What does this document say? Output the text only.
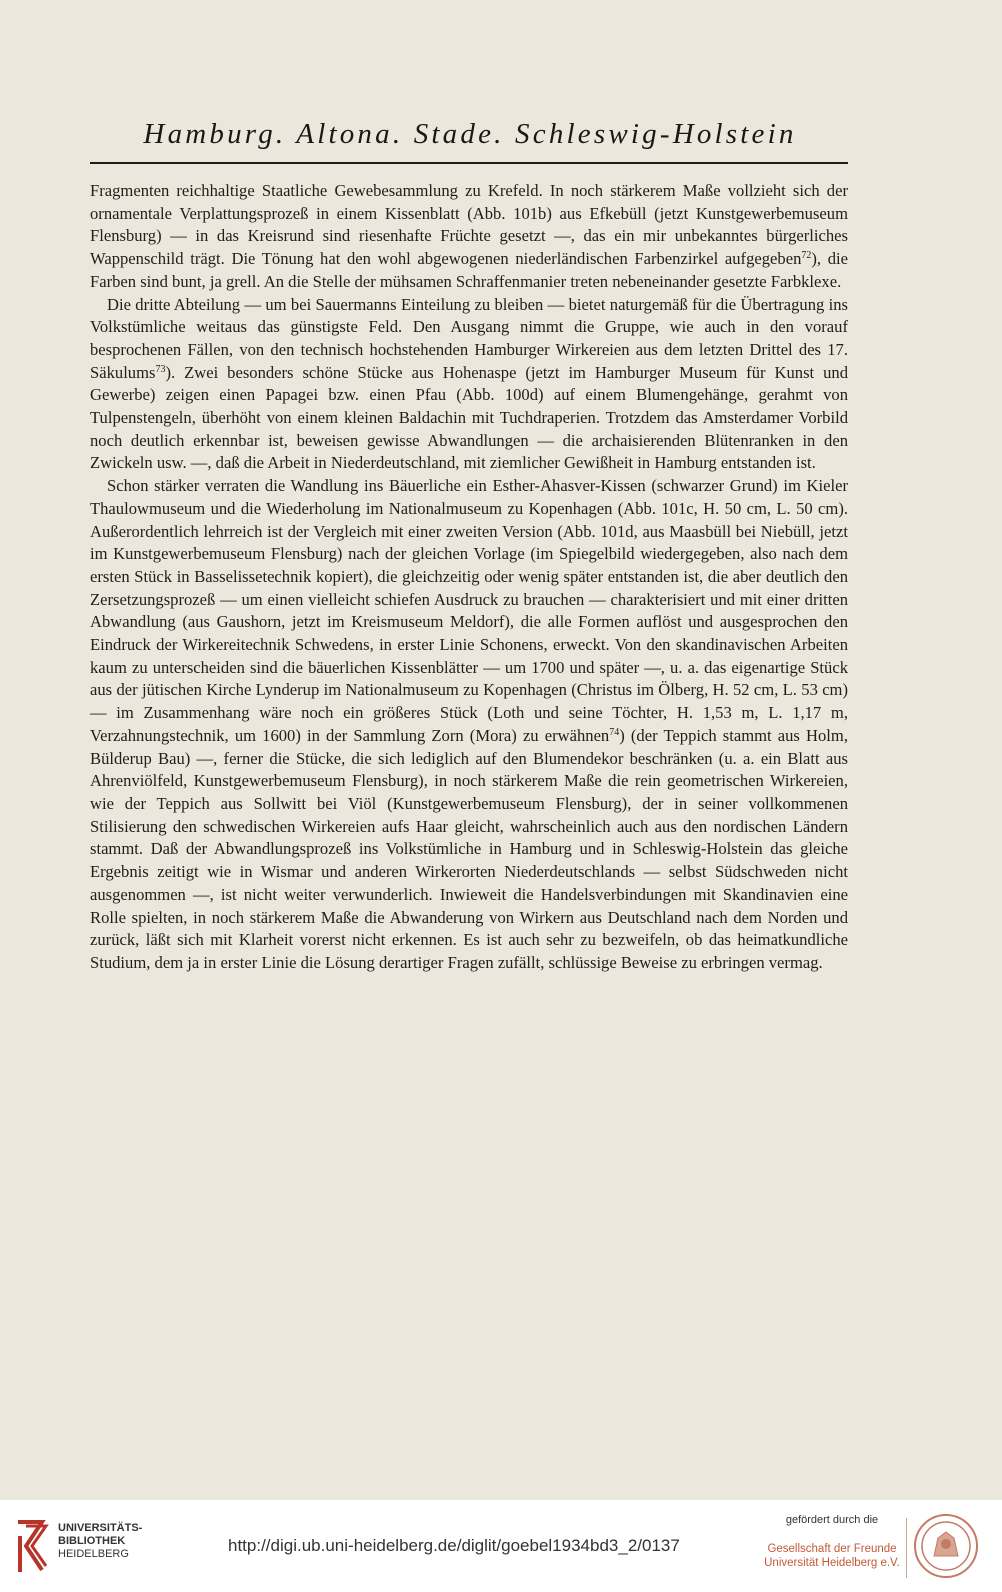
Hamburg. Altona. Stade. Schleswig-Holstein

Fragmenten reichhaltige Staatliche Gewebesammlung zu Krefeld. In noch stärkerem Maße vollzieht sich der ornamentale Verplattungsprozeß in einem Kissenblatt (Abb. 101b) aus Efkebüll (jetzt Kunstgewerbemuseum Flensburg) — in das Kreisrund sind riesenhafte Früchte gesetzt —, das ein mir unbekanntes bürgerliches Wappenschild trägt. Die Tönung hat den wohl abgewogenen niederländischen Farbenzirkel aufgegeben$^{72}$), die Farben sind bunt, ja grell. An die Stelle der mühsamen Schraffenmanier treten nebeneinander gesetzte Farbklexe.

Die dritte Abteilung — um bei Sauermanns Einteilung zu bleiben — bietet naturgemäß für die Übertragung ins Volkstümliche weitaus das günstigste Feld. Den Ausgang nimmt die Gruppe, wie auch in den vorauf besprochenen Fällen, von den technisch hochstehenden Hamburger Wirkereien aus dem letzten Drittel des 17. Säkulums$^{73}$). Zwei besonders schöne Stücke aus Hohenaspe (jetzt im Hamburger Museum für Kunst und Gewerbe) zeigen einen Papagei bzw. einen Pfau (Abb. 100d) auf einem Blumengehänge, gerahmt von Tulpenstengeln, überhöht von einem kleinen Baldachin mit Tuchdraperien. Trotzdem das Amsterdamer Vorbild noch deutlich erkennbar ist, beweisen gewisse Abwandlungen — die archaisierenden Blütenranken in den Zwickeln usw. —, daß die Arbeit in Niederdeutschland, mit ziemlicher Gewißheit in Hamburg entstanden ist.

Schon stärker verraten die Wandlung ins Bäuerliche ein Esther-Ahasver-Kissen (schwarzer Grund) im Kieler Thaulowmuseum und die Wiederholung im Nationalmuseum zu Kopenhagen (Abb. 101c, H. 50 cm, L. 50 cm). Außerordentlich lehrreich ist der Vergleich mit einer zweiten Version (Abb. 101d, aus Maasbüll bei Niebüll, jetzt im Kunstgewerbemuseum Flensburg) nach der gleichen Vorlage (im Spiegelbild wiedergegeben, also nach dem ersten Stück in Basselissetechnik kopiert), die gleichzeitig oder wenig später entstanden ist, die aber deutlich den Zersetzungsprozeß — um einen vielleicht schiefen Ausdruck zu brauchen — charakterisiert und mit einer dritten Abwandlung (aus Gaushorn, jetzt im Kreismuseum Meldorf), die alle Formen auflöst und ausgesprochen den Eindruck der Wirkereitechnik Schwedens, in erster Linie Schonens, erweckt. Von den skandinavischen Arbeiten kaum zu unterscheiden sind die bäuerlichen Kissenblätter — um 1700 und später —, u. a. das eigenartige Stück aus der jütischen Kirche Lynderup im Nationalmuseum zu Kopenhagen (Christus im Ölberg, H. 52 cm, L. 53 cm) — im Zusammenhang wäre noch ein größeres Stück (Loth und seine Töchter, H. 1,53 m, L. 1,17 m, Verzahnungstechnik, um 1600) in der Sammlung Zorn (Mora) zu erwähnen$^{74}$) (der Teppich stammt aus Holm, Bülderup Bau) —, ferner die Stücke, die sich lediglich auf den Blumendekor beschränken (u. a. ein Blatt aus Ahrenviölfeld, Kunstgewerbemuseum Flensburg), in noch stärkerem Maße die rein geometrischen Wirkereien, wie der Teppich aus Sollwitt bei Viöl (Kunstgewerbemuseum Flensburg), der in seiner vollkommenen Stilisierung den schwedischen Wirkereien aufs Haar gleicht, wahrscheinlich auch aus den nordischen Ländern stammt. Daß der Abwandlungsprozeß ins Volkstümliche in Hamburg und in Schleswig-Holstein das gleiche Ergebnis zeitigt wie in Wismar und anderen Wirkerorten Niederdeutschlands — selbst Südschweden nicht ausgenommen —, ist nicht weiter verwunderlich. Inwieweit die Handelsverbindungen mit Skandinavien eine Rolle spielten, in noch stärkerem Maße die Abwanderung von Wirkern aus Deutschland nach dem Norden und zurück, läßt sich mit Klarheit vorerst nicht erkennen. Es ist auch sehr zu bezweifeln, ob das heimatkundliche Studium, dem ja in erster Linie die Lösung derartiger Fragen zufällt, schlüssige Beweise zu erbringen vermag.

UNIVERSITÄTS-
BIBLIOTHEK
HEIDELBERG	http://digi.ub.uni-heidelberg.de/diglit/goebel1934bd3_2/0137
gefördert durch die
Gesellschaft der Freunde
Universität Heidelberg e.V.
